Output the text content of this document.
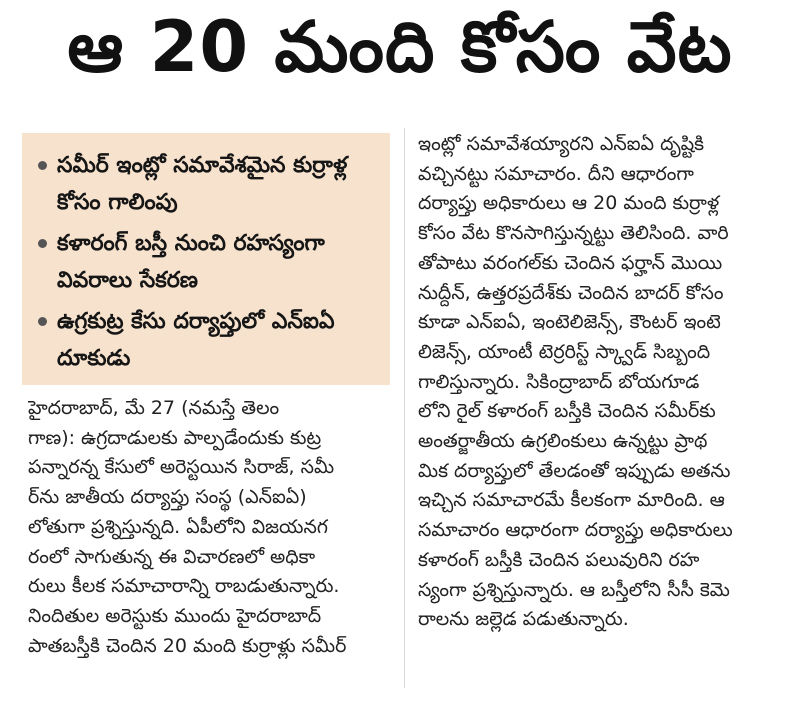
ఆ 20 మంది కోసం వేట
సమీర్ ఇంట్లో సమావేశమైన కుర్రాళ్ల కోసం గాలింపు
కళారంగ్ బస్తీ నుంచి రహస్యంగా వివరాలు సేకరణ
ఉగ్రకుట్ర కేసు దర్యాప్తులో ఎన్ఐఏ దూకుడు
హైదరాబాద్, మే 27 (నమస్తే తెలం
గాణ): ఉగ్రదాడులకు పాల్పడేందుకు కుట్ర
పన్నారన్న కేసులో అరెస్టయిన సిరాజ్, సమీ
ర్‌ను జాతీయ దర్యాప్తు సంస్థ (ఎన్ఐఏ)
లోతుగా ప్రశ్నిస్తున్నది. ఏపీలోని విజయనగ
రంలో సాగుతున్న ఈ విచారణలో అధికా
రులు కీలక సమాచారాన్ని రాబడుతున్నారు.
నిందితుల అరెస్టుకు ముందు హైదరాబాద్
పాతబస్తీకి చెందిన 20 మంది కుర్రాళ్లు సమీర్
ఇంట్లో సమావేశయ్యారని ఎన్ఐఏ దృష్టికి
వచ్చినట్టు సమాచారం. దీని ఆధారంగా
దర్యాప్తు అధికారులు ఆ 20 మంది కుర్రాళ్ల
కోసం వేట కొనసాగిస్తున్నట్టు తెలిసింది. వారి
తోపాటు వరంగల్‌కు చెందిన ఫర్హాన్ మొయి
నుద్దీన్, ఉత్తరప్రదేశ్‌కు చెందిన బాదర్ కోసం
కూడా ఎన్ఐఏ, ఇంటెలిజెన్స్, కౌంటర్ ఇంటె
లిజెన్స్, యాంటీ టెర్రరిస్ట్ స్క్వాడ్ సిబ్బంది
గాలిస్తున్నారు. సికింద్రాబాద్ బోయగూడ
లోని రైల్ కళారంగ్ బస్తీకి చెందిన సమీర్‌కు
అంతర్జాతీయ ఉగ్రలింకులు ఉన్నట్టు ప్రాథ
మిక దర్యాప్తులో తేలడంతో ఇప్పుడు అతను
ఇచ్చిన సమాచారమే కీలకంగా మారింది. ఆ
సమాచారం ఆధారంగా దర్యాప్తు అధికారులు
కళారంగ్ బస్తీకి చెందిన పలువురిని రహ
స్యంగా ప్రశ్నిస్తున్నారు. ఆ బస్తీలోని సీసీ కెమె
రాలను జల్లెడ పడుతున్నారు.
